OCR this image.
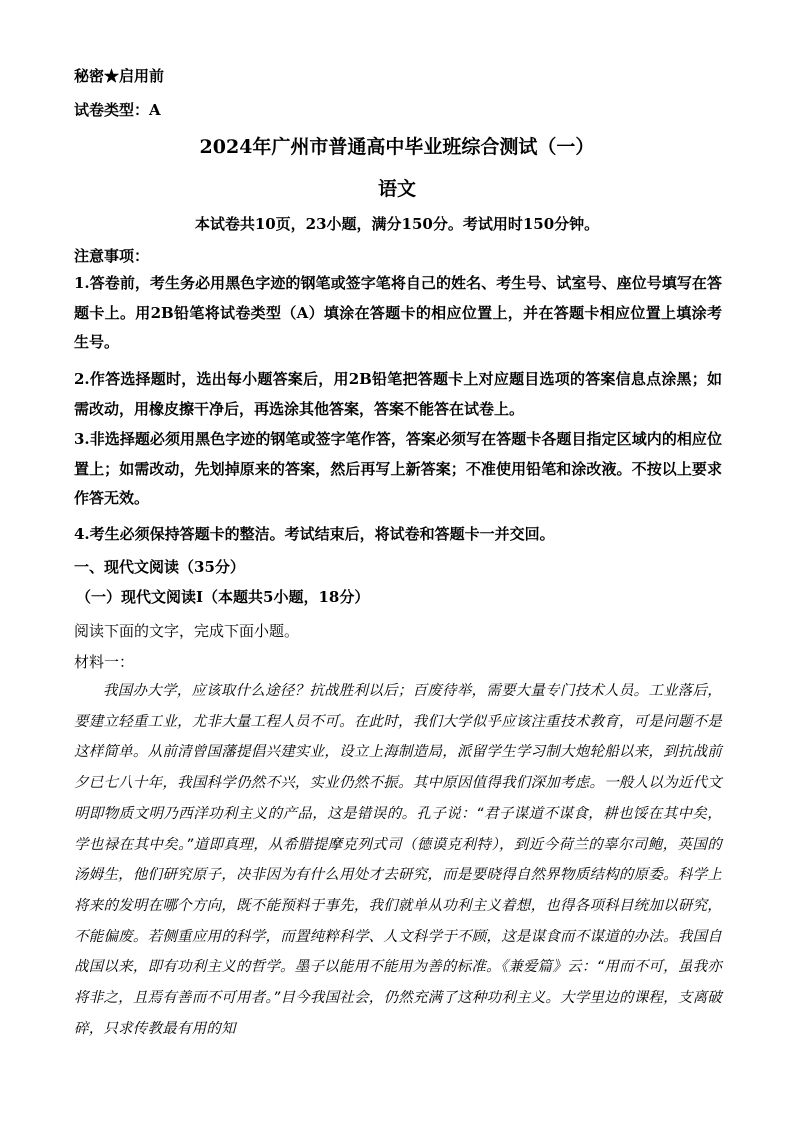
秘密★启用前
试卷类型：A
2024年广州市普通高中毕业班综合测试（一）
语文
本试卷共10页，23小题，满分150分。考试用时150分钟。
注意事项：
1.答卷前，考生务必用黑色字迹的钢笔或签字笔将自己的姓名、考生号、试室号、座位号填写在答题卡上。用2B铅笔将试卷类型（A）填涂在答题卡的相应位置上，并在答题卡相应位置上填涂考生号。
2.作答选择题时，选出每小题答案后，用2B铅笔把答题卡上对应题目选项的答案信息点涂黑；如需改动，用橡皮擦干净后，再选涂其他答案，答案不能答在试卷上。
3.非选择题必须用黑色字迹的钢笔或签字笔作答，答案必须写在答题卡各题目指定区域内的相应位置上；如需改动，先划掉原来的答案，然后再写上新答案；不准使用铅笔和涂改液。不按以上要求作答无效。
4.考生必须保持答题卡的整洁。考试结束后，将试卷和答题卡一并交回。
一、现代文阅读（35分）
（一）现代文阅读Ⅰ（本题共5小题，18分）
阅读下面的文字，完成下面小题。
材料一：
我国办大学，应该取什么途径？抗战胜利以后；百废待举，需要大量专门技术人员。工业落后，要建立轻重工业，尤非大量工程人员不可。在此时，我们大学似乎应该注重技术教育，可是问题不是这样简单。从前清曾国藩提倡兴建实业，设立上海制造局，派留学生学习制大炮轮船以来，到抗战前夕已七八十年，我国科学仍然不兴，实业仍然不振。其中原因值得我们深加考虑。一般人以为近代文明即物质文明乃西洋功利主义的产品，这是错误的。孔子说：“君子谋道不谋食，耕也馁在其中矣，学也禄在其中矣。”道即真理，从希腊提摩克列式司（德谟克利特），到近今荷兰的辜尔司鲍，英国的汤姆生，他们研究原子，决非因为有什么用处才去研究，而是要晓得自然界物质结构的原委。科学上将来的发明在哪个方向，既不能预料于事先，我们就单从功利主义着想，也得各项科目统加以研究，不能偏废。若侧重应用的科学，而置纯粹科学、人文科学于不顾，这是谋食而不谋道的办法。我国自战国以来，即有功利主义的哲学。墨子以能用不能用为善的标准。《兼爱篇》云：“用而不可，虽我亦将非之，且焉有善而不可用者。”目今我国社会，仍然充满了这种功利主义。大学里边的课程，支离破碎，只求传教最有用的知
